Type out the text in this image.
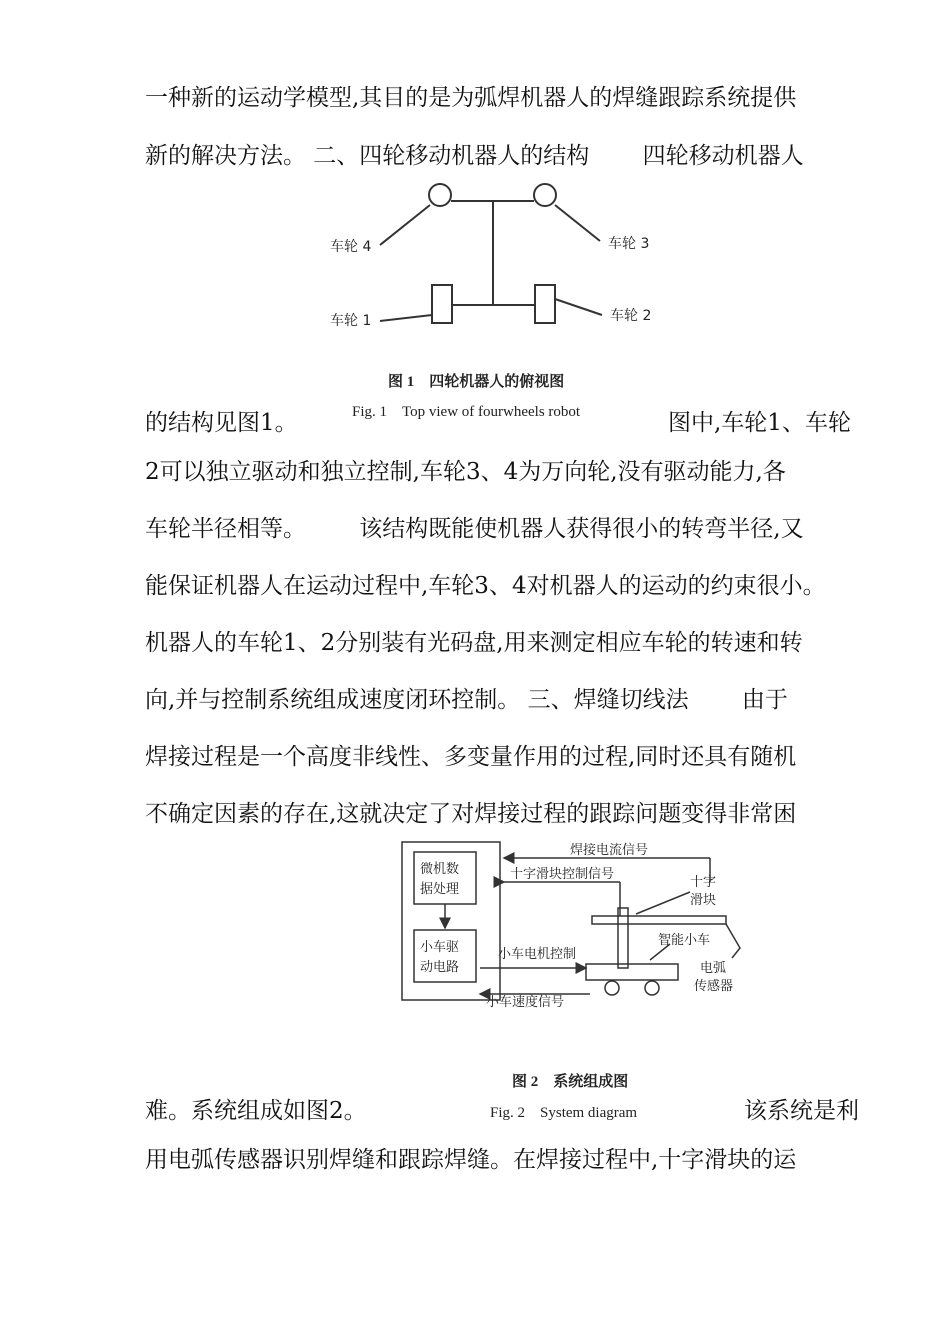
一种新的运动学模型,其目的是为弧焊机器人的焊缝跟踪系统提供
新的解决方法。 二、四轮移动机器人的结构 　　四轮移动机器人
的结构见图1。	图中,车轮1、车轮
2可以独立驱动和独立控制,车轮3、4为万向轮,没有驱动能力,各
车轮半径相等。 　　该结构既能使机器人获得很小的转弯半径,又
能保证机器人在运动过程中,车轮3、4对机器人的运动的约束很小。
机器人的车轮1、2分别装有光码盘,用来测定相应车轮的转速和转
向,并与控制系统组成速度闭环控制。 三、焊缝切线法 　　由于
焊接过程是一个高度非线性、多变量作用的过程,同时还具有随机
不确定因素的存在,这就决定了对焊接过程的跟踪问题变得非常困
难。系统组成如图2。	该系统是利
用电弧传感器识别焊缝和跟踪焊缝。在焊接过程中,十字滑块的运
车轮 4	车轮 3
车轮 1	车轮 2
图 1　四轮机器人的俯视图
Fig. 1　Top view of fourwheels robot
微机数
据处理
小车驱
动电路
焊接电流信号
十字滑块控制信号
十字
滑块
智能小车
小车电机控制
小车速度信号
电弧
传感器
图 2　系统组成图
Fig. 2　System diagram
